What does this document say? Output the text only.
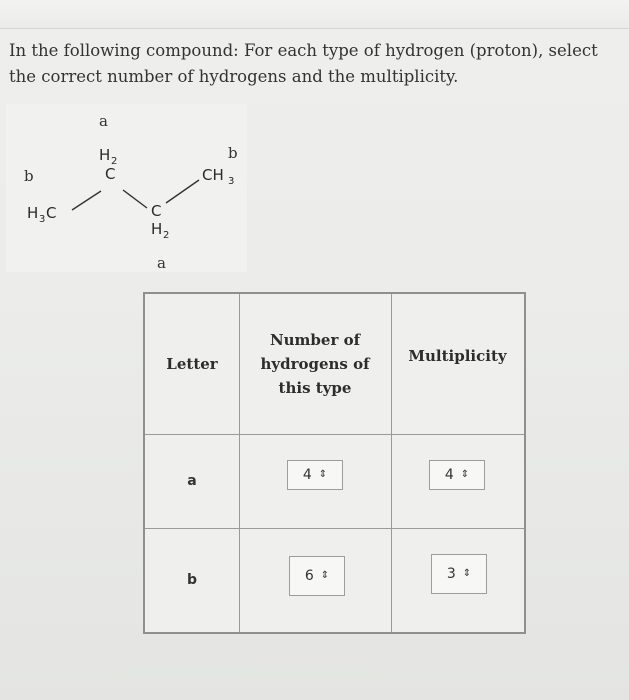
In the following compound: For each type of hydrogen (proton), select the correct number of hydrogens and the multiplicity.
a
b
b
a
H 3 C
H 2
C	CH 3
C
H 2
Letter
Number of hydrogens of this type
Multiplicity
a	4 ⇕	4 ⇕
b	6 ⇕	3 ⇕
